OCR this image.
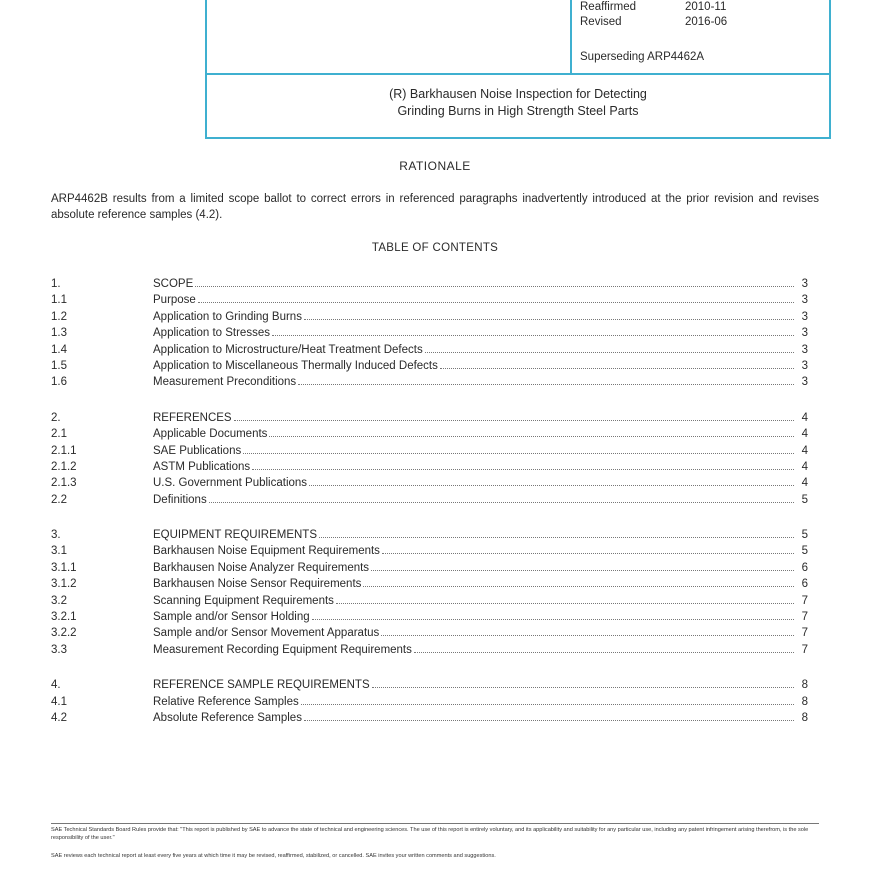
Reaffirmed	2010-11
Revised	2016-06
Superseding ARP4462A
(R) Barkhausen Noise Inspection for Detecting
Grinding Burns in High Strength Steel Parts
RATIONALE
ARP4462B results from a limited scope ballot to correct errors in referenced paragraphs inadvertently introduced at the prior revision and revises absolute reference samples (4.2).
TABLE OF CONTENTS
1.	SCOPE	3
1.1	Purpose	3
1.2	Application to Grinding Burns	3
1.3	Application to Stresses	3
1.4	Application to Microstructure/Heat Treatment Defects	3
1.5	Application to Miscellaneous Thermally Induced Defects	3
1.6	Measurement Preconditions	3
2.	REFERENCES	4
2.1	Applicable Documents	4
2.1.1	SAE Publications	4
2.1.2	ASTM Publications	4
2.1.3	U.S. Government Publications	4
2.2	Definitions	5
3.	EQUIPMENT REQUIREMENTS	5
3.1	Barkhausen Noise Equipment Requirements	5
3.1.1	Barkhausen Noise Analyzer Requirements	6
3.1.2	Barkhausen Noise Sensor Requirements	6
3.2	Scanning Equipment Requirements	7
3.2.1	Sample and/or Sensor Holding	7
3.2.2	Sample and/or Sensor Movement Apparatus	7
3.3	Measurement Recording Equipment Requirements	7
4.	REFERENCE SAMPLE REQUIREMENTS	8
4.1	Relative Reference Samples	8
4.2	Absolute Reference Samples	8
SAE Technical Standards Board Rules provide that: "This report is published by SAE to advance the state of technical and engineering sciences. The use of this report is entirely voluntary, and its applicability and suitability for any particular use, including any patent infringement arising therefrom, is the sole responsibility of the user."
SAE reviews each technical report at least every five years at which time it may be revised, reaffirmed, stabilized, or cancelled. SAE invites your written comments and suggestions.
